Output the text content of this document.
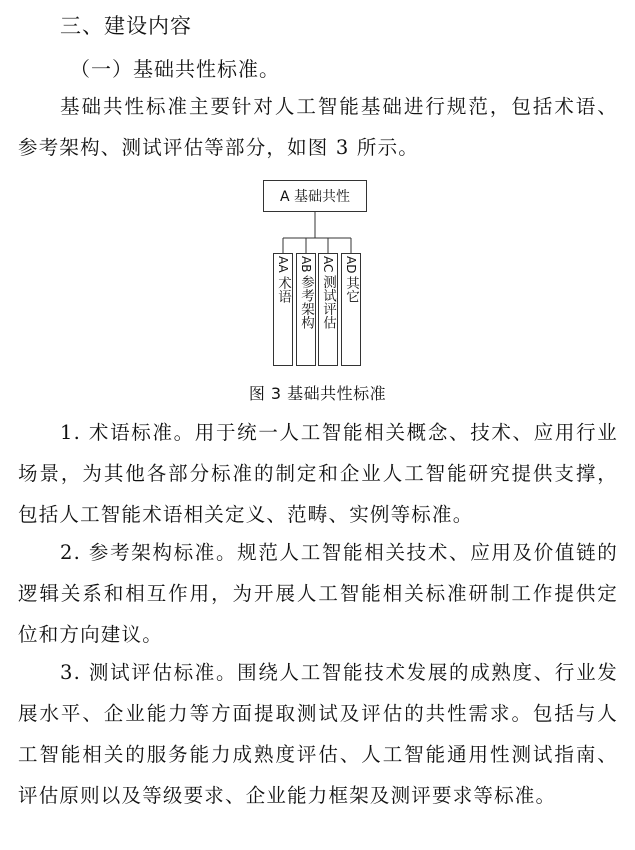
三、建设内容
（一）基础共性标准。

基础共性标准主要针对人工智能基础进行规范，包括术语、参考架构、测试评估等部分，如图 3 所示。

A 基础共性
AA
术语
AB
参考架构
AC
测试评估
AD
其它
图 3 基础共性标准

1. 术语标准。用于统一人工智能相关概念、技术、应用行业场景，为其他各部分标准的制定和企业人工智能研究提供支撑，包括人工智能术语相关定义、范畴、实例等标准。

2. 参考架构标准。规范人工智能相关技术、应用及价值链的逻辑关系和相互作用，为开展人工智能相关标准研制工作提供定位和方向建议。

3. 测试评估标准。围绕人工智能技术发展的成熟度、行业发展水平、企业能力等方面提取测试及评估的共性需求。包括与人工智能相关的服务能力成熟度评估、人工智能通用性测试指南、评估原则以及等级要求、企业能力框架及测评要求等标准。
